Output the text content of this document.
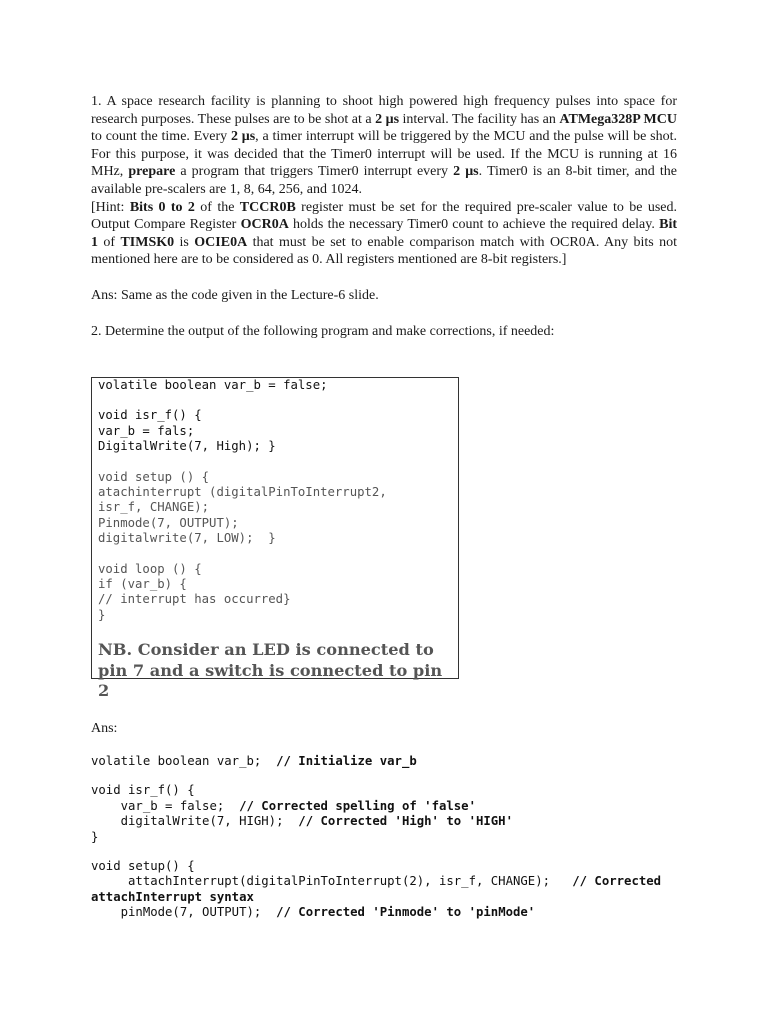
1. A space research facility is planning to shoot high powered high frequency pulses into space for research purposes. These pulses are to be shot at a 2 μs interval. The facility has an ATMega328P MCU to count the time. Every 2 μs, a timer interrupt will be triggered by the MCU and the pulse will be shot. For this purpose, it was decided that the Timer0 interrupt will be used. If the MCU is running at 16 MHz, prepare a program that triggers Timer0 interrupt every 2 μs. Timer0 is an 8-bit timer, and the available pre-scalers are 1, 8, 64, 256, and 1024.

[Hint: Bits 0 to 2 of the TCCR0B register must be set for the required pre-scaler value to be used. Output Compare Register OCR0A holds the necessary Timer0 count to achieve the required delay. Bit 1 of TIMSK0 is OCIE0A that must be set to enable comparison match with OCR0A. Any bits not mentioned here are to be considered as 0. All registers mentioned are 8-bit registers.]

Ans: Same as the code given in the Lecture-6 slide.

2. Determine the output of the following program and make corrections, if needed:

volatile boolean var_b = false;
void isr_f() {
var_b = fals;
DigitalWrite(7, High); }
void setup () {
atachinterrupt (digitalPinToInterrupt2,
isr_f, CHANGE);
Pinmode(7, OUTPUT);
digitalwrite(7, LOW);  }
void loop () {
if (var_b) {
// interrupt has occurred}
}
NB. Consider an LED is connected to pin 7 and a switch is connected to pin 2

Ans:

volatile boolean var_b;  // Initialize var_b
void isr_f() {
var_b = false;  // Corrected spelling of 'false'
digitalWrite(7, HIGH);  // Corrected 'High' to 'HIGH'
}
void setup() {
attachInterrupt(digitalPinToInterrupt(2), isr_f, CHANGE);   // Corrected
attachInterrupt syntax
pinMode(7, OUTPUT);  // Corrected 'Pinmode' to 'pinMode'
